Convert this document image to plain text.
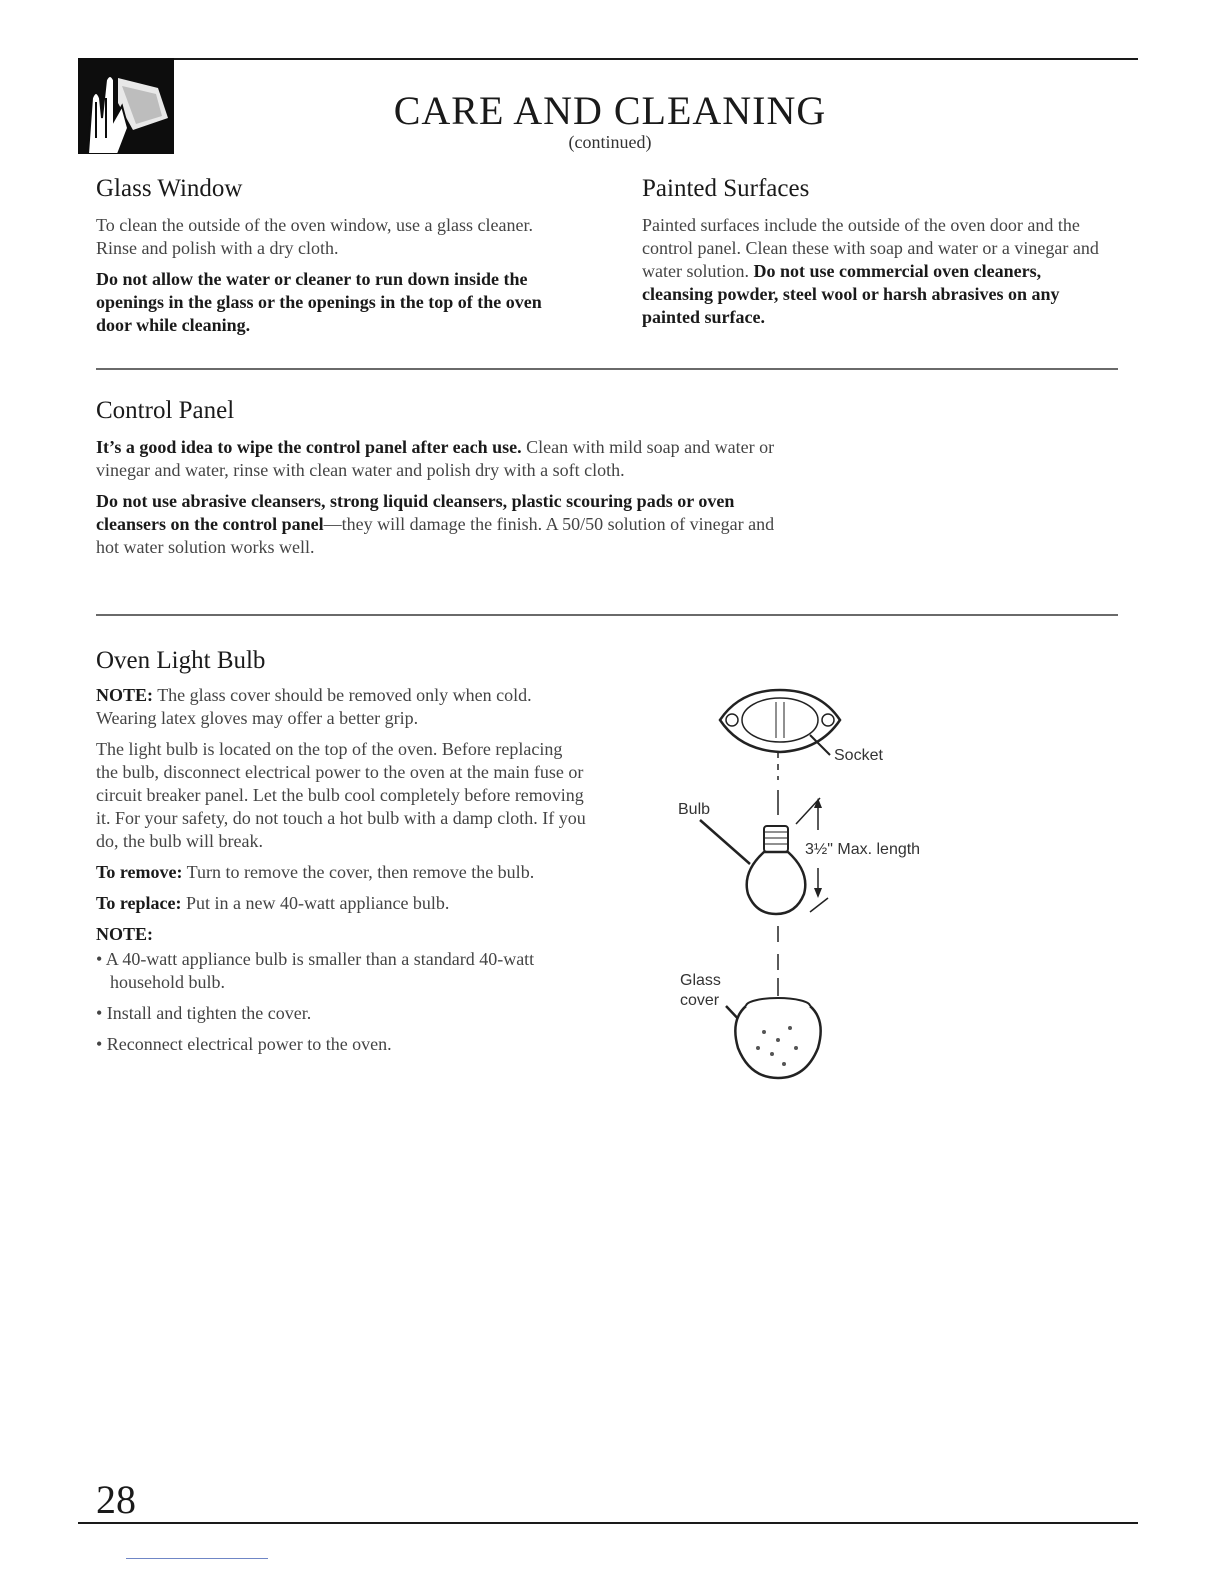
CARE AND CLEANING
(continued)
Glass Window

To clean the outside of the oven window, use a glass cleaner. Rinse and polish with a dry cloth.

Do not allow the water or cleaner to run down inside the openings in the glass or the openings in the top of the oven door while cleaning.

Painted Surfaces

Painted surfaces include the outside of the oven door and the control panel. Clean these with soap and water or a vinegar and water solution. Do not use commercial oven cleaners, cleansing powder, steel wool or harsh abrasives on any painted surface.

Control Panel

It’s a good idea to wipe the control panel after each use. Clean with mild soap and water or vinegar and water, rinse with clean water and polish dry with a soft cloth.

Do not use abrasive cleansers, strong liquid cleansers, plastic scouring pads or oven cleansers on the control panel—they will damage the finish. A 50/50 solution of vinegar and hot water solution works well.

Oven Light Bulb

NOTE: The glass cover should be removed only when cold. Wearing latex gloves may offer a better grip.

The light bulb is located on the top of the oven. Before replacing the bulb, disconnect electrical power to the oven at the main fuse or circuit breaker panel. Let the bulb cool completely before removing it. For your safety, do not touch a hot bulb with a damp cloth. If you do, the bulb will break.

To remove: Turn to remove the cover, then remove the bulb.

To replace: Put in a new 40-watt appliance bulb.

NOTE:

• A 40-watt appliance bulb is smaller than a standard 40-watt household bulb.

• Install and tighten the cover.

• Reconnect electrical power to the oven.

Socket
Bulb
3½" Max. length
Glass
cover
28
